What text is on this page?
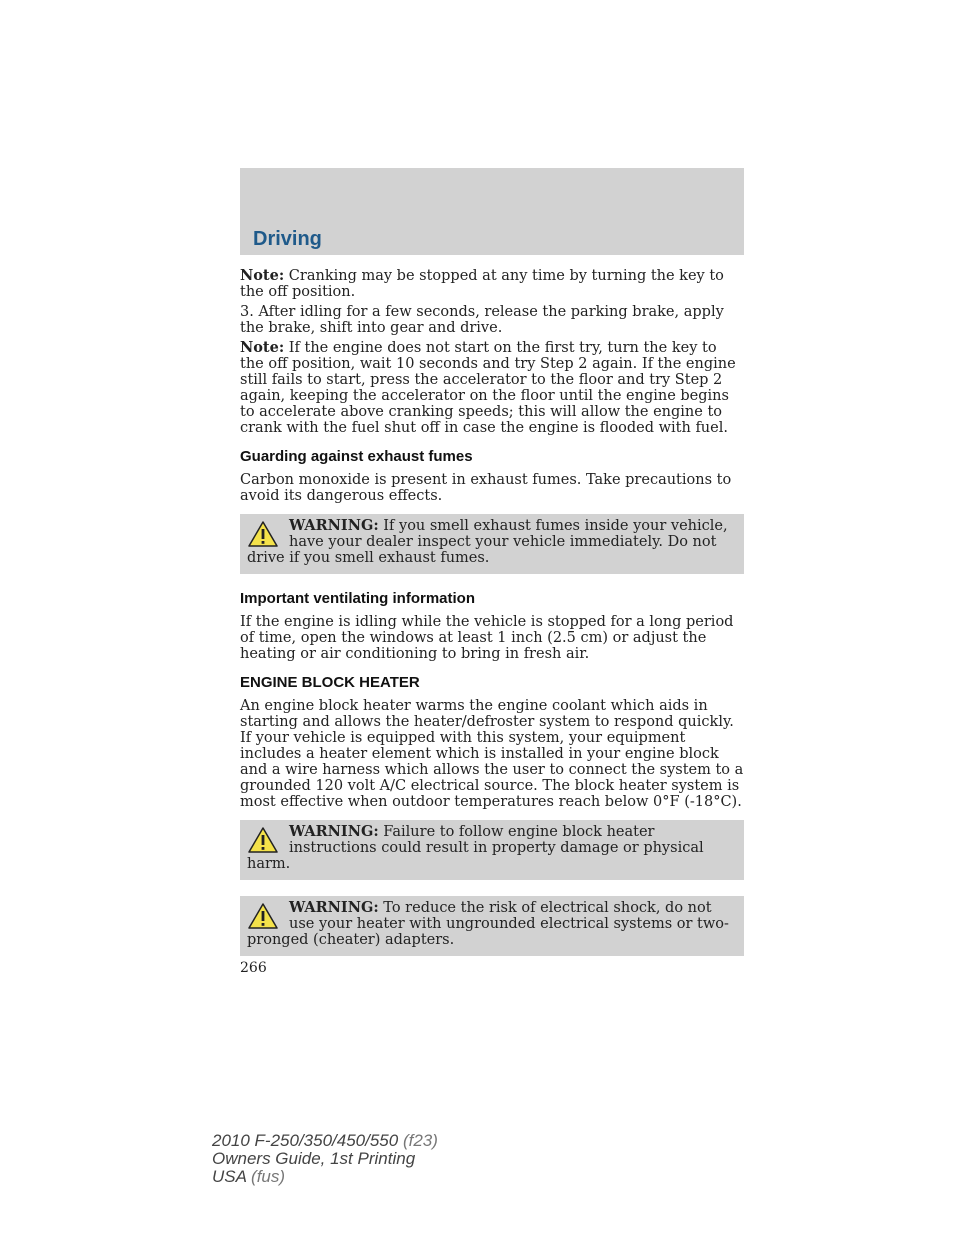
Driving

Note: Cranking may be stopped at any time by turning the key to the off position.

3. After idling for a few seconds, release the parking brake, apply the brake, shift into gear and drive.

Note: If the engine does not start on the first try, turn the key to the off position, wait 10 seconds and try Step 2 again. If the engine still fails to start, press the accelerator to the floor and try Step 2 again, keeping the accelerator on the floor until the engine begins to accelerate above cranking speeds; this will allow the engine to crank with the fuel shut off in case the engine is flooded with fuel.

Guarding against exhaust fumes

Carbon monoxide is present in exhaust fumes. Take precautions to avoid its dangerous effects.

WARNING: If you smell exhaust fumes inside your vehicle, have your dealer inspect your vehicle immediately. Do not drive if you smell exhaust fumes.
Important ventilating information

If the engine is idling while the vehicle is stopped for a long period of time, open the windows at least 1 inch (2.5 cm) or adjust the heating or air conditioning to bring in fresh air.

ENGINE BLOCK HEATER

An engine block heater warms the engine coolant which aids in starting and allows the heater/defroster system to respond quickly. If your vehicle is equipped with this system, your equipment includes a heater element which is installed in your engine block and a wire harness which allows the user to connect the system to a grounded 120 volt A/C electrical source. The block heater system is most effective when outdoor temperatures reach below 0°F (-18°C).

WARNING: Failure to follow engine block heater instructions could result in property damage or physical harm.
WARNING: To reduce the risk of electrical shock, do not use your heater with ungrounded electrical systems or two-pronged (cheater) adapters.
266
2010 F-250/350/450/550 (f23)
Owners Guide, 1st Printing
USA (fus)
